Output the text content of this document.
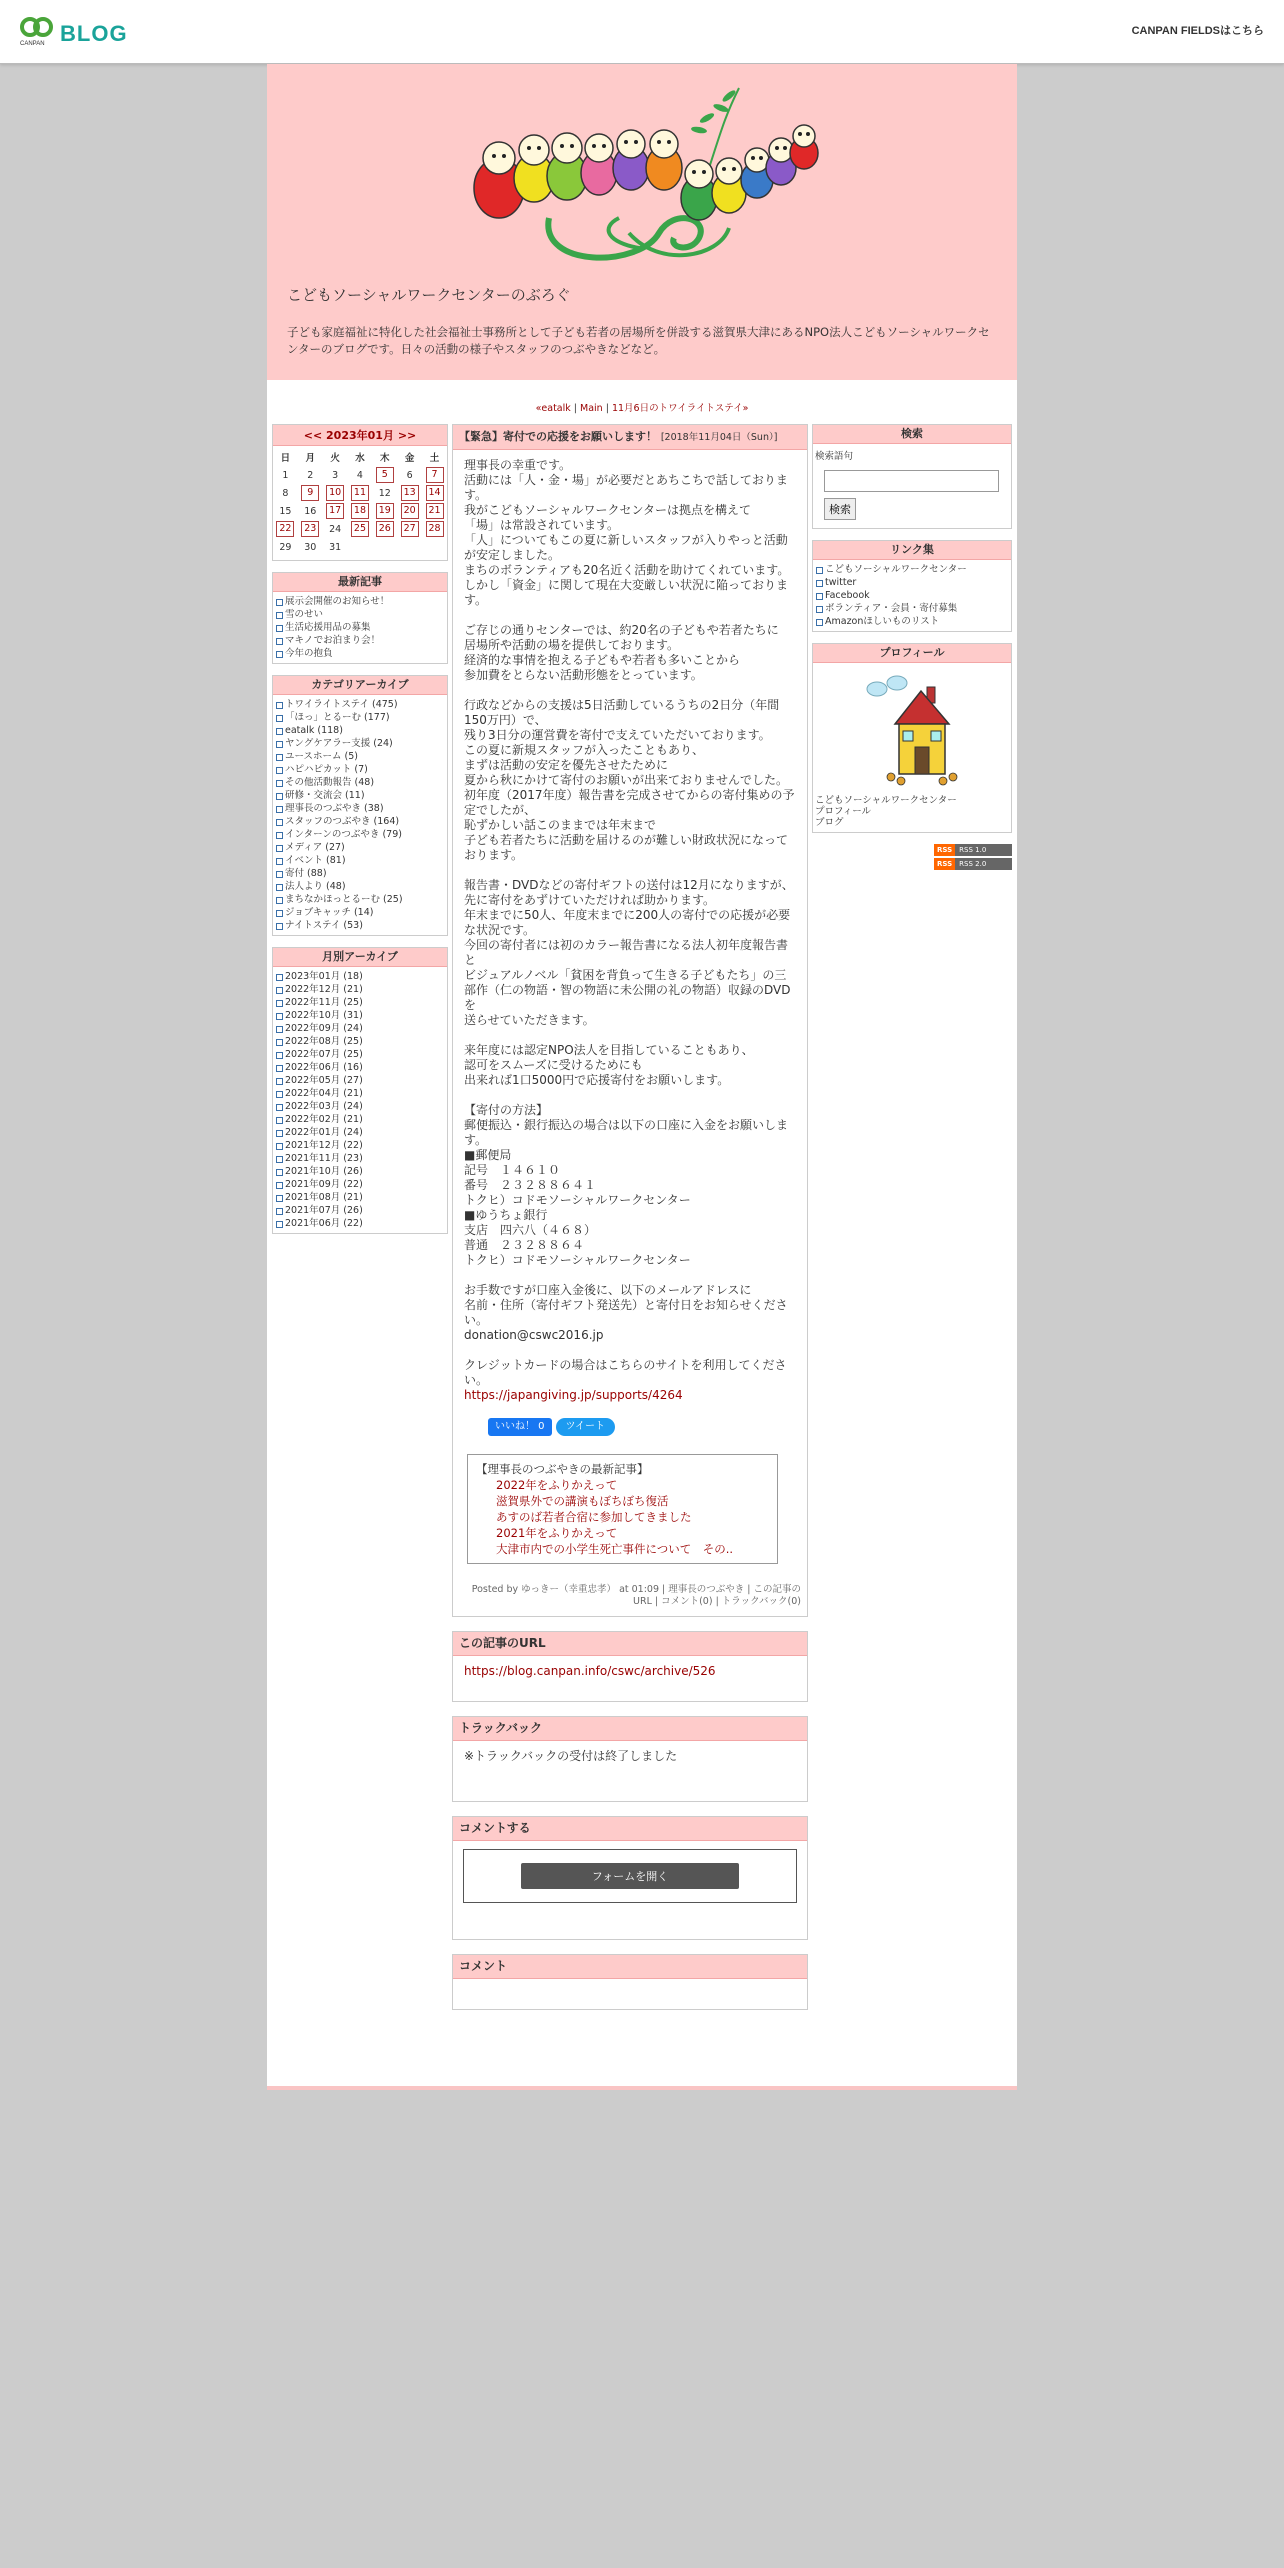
CANPAN BLOG	CANPAN FIELDSはこちら
こどもソーシャルワークセンターのぶろぐ
子ども家庭福祉に特化した社会福祉士事務所として子ども若者の居場所を併設する滋賀県大津にあるNPO法人こどもソーシャルワークセンターのブログです。日々の活動の様子やスタッフのつぶやきなどなど。
«eatalk | Main | 11月6日のトワイライトステイ»
<< 2023年01月 >>
日	月	火	水	木	金	土
1	2	3	4	5	6	7
8	9	10	11	12	13	14
15	16	17	18	19	20	21
22	23	24	25	26	27	28
29	30	31				
最新記事
展示会開催のお知らせ！
雪のせい
生活応援用品の募集
マキノでお泊まり会！
今年の抱負
カテゴリアーカイブ
トワイライトステイ (475)
「ほっ」とるーむ (177)
eatalk (118)
ヤングケアラー支援 (24)
ユースホーム (5)
ハピハピカット (7)
その他活動報告 (48)
研修・交流会 (11)
理事長のつぶやき (38)
スタッフのつぶやき (164)
インターンのつぶやき (79)
メディア (27)
イベント (81)
寄付 (88)
法人より (48)
まちなかほっとるーむ (25)
ジョブキャッチ (14)
ナイトステイ (53)
月別アーカイブ
2023年01月 (18)
2022年12月 (21)
2022年11月 (25)
2022年10月 (31)
2022年09月 (24)
2022年08月 (25)
2022年07月 (25)
2022年06月 (16)
2022年05月 (27)
2022年04月 (21)
2022年03月 (24)
2022年02月 (21)
2022年01月 (24)
2021年12月 (22)
2021年11月 (23)
2021年10月 (26)
2021年09月 (22)
2021年08月 (21)
2021年07月 (26)
2021年06月 (22)
【緊急】寄付での応援をお願いします！ [2018年11月04日（Sun）]

理事長の幸重です。
活動には「人・金・場」が必要だとあちこちで話しております。
我がこどもソーシャルワークセンターは拠点を構えて
「場」は常設されています。
「人」についてもこの夏に新しいスタッフが入りやっと活動が安定しました。
まちのボランティアも20名近く活動を助けてくれています。
しかし「資金」に関して現在大変厳しい状況に陥っております。

ご存じの通りセンターでは、約20名の子どもや若者たちに
居場所や活動の場を提供しております。
経済的な事情を抱える子どもや若者も多いことから
参加費をとらない活動形態をとっています。

行政などからの支援は5日活動しているうちの2日分（年間150万円）で、
残り3日分の運営費を寄付で支えていただいております。
この夏に新規スタッフが入ったこともあり、
まずは活動の安定を優先させたために
夏から秋にかけて寄付のお願いが出来ておりませんでした。
初年度（2017年度）報告書を完成させてからの寄付集めの予定でしたが、
恥ずかしい話このままでは年末まで
子ども若者たちに活動を届けるのが難しい財政状況になっております。

報告書・DVDなどの寄付ギフトの送付は12月になりますが、
先に寄付をあずけていただければ助かります。
年末までに50人、年度末までに200人の寄付での応援が必要な状況です。
今回の寄付者には初のカラー報告書になる法人初年度報告書と
ビジュアルノベル「貧困を背負って生きる子どもたち」の三部作（仁の物語・智の物語に未公開の礼の物語）収録のDVDを
送らせていただきます。

来年度には認定NPO法人を目指していることもあり、
認可をスムーズに受けるためにも
出来れば1口5000円で応援寄付をお願いします。

【寄付の方法】
郵便振込・銀行振込の場合は以下の口座に入金をお願いします。
■郵便局
記号　１４６１０
番号　２３２８８６４１
トクヒ）コドモソーシャルワークセンター
■ゆうちょ銀行
支店　四六八（４６８）
普通　２３２８８６４
トクヒ）コドモソーシャルワークセンター

お手数ですが口座入金後に、以下のメールアドレスに
名前・住所（寄付ギフト発送先）と寄付日をお知らせください。
donation@cswc2016.jp

クレジットカードの場合はこちらのサイトを利用してください。
https://japangiving.jp/supports/4264

いいね！ 0	ツイート
【理事長のつぶやきの最新記事】
2022年をふりかえって
滋賀県外での講演もぼちぼち復活
あすのば若者合宿に参加してきました
2021年をふりかえって
大津市内での小学生死亡事件について　その..
Posted by ゆっきー（幸重忠孝） at 01:09 | 理事長のつぶやき | この記事のURL | コメント(0) | トラックバック(0)
この記事のURL
https://blog.canpan.info/cswc/archive/526
トラックバック
※トラックバックの受付は終了しました
コメントする
フォームを開く
コメント
検索
検索語句
検索
リンク集
こどもソーシャルワークセンター
twitter
Facebook
ボランティア・会員・寄付募集
Amazonほしいものリスト
プロフィール
こどもソーシャルワークセンター
プロフィール
ブログ
RSS	RSS 1.0
RSS	RSS 2.0
